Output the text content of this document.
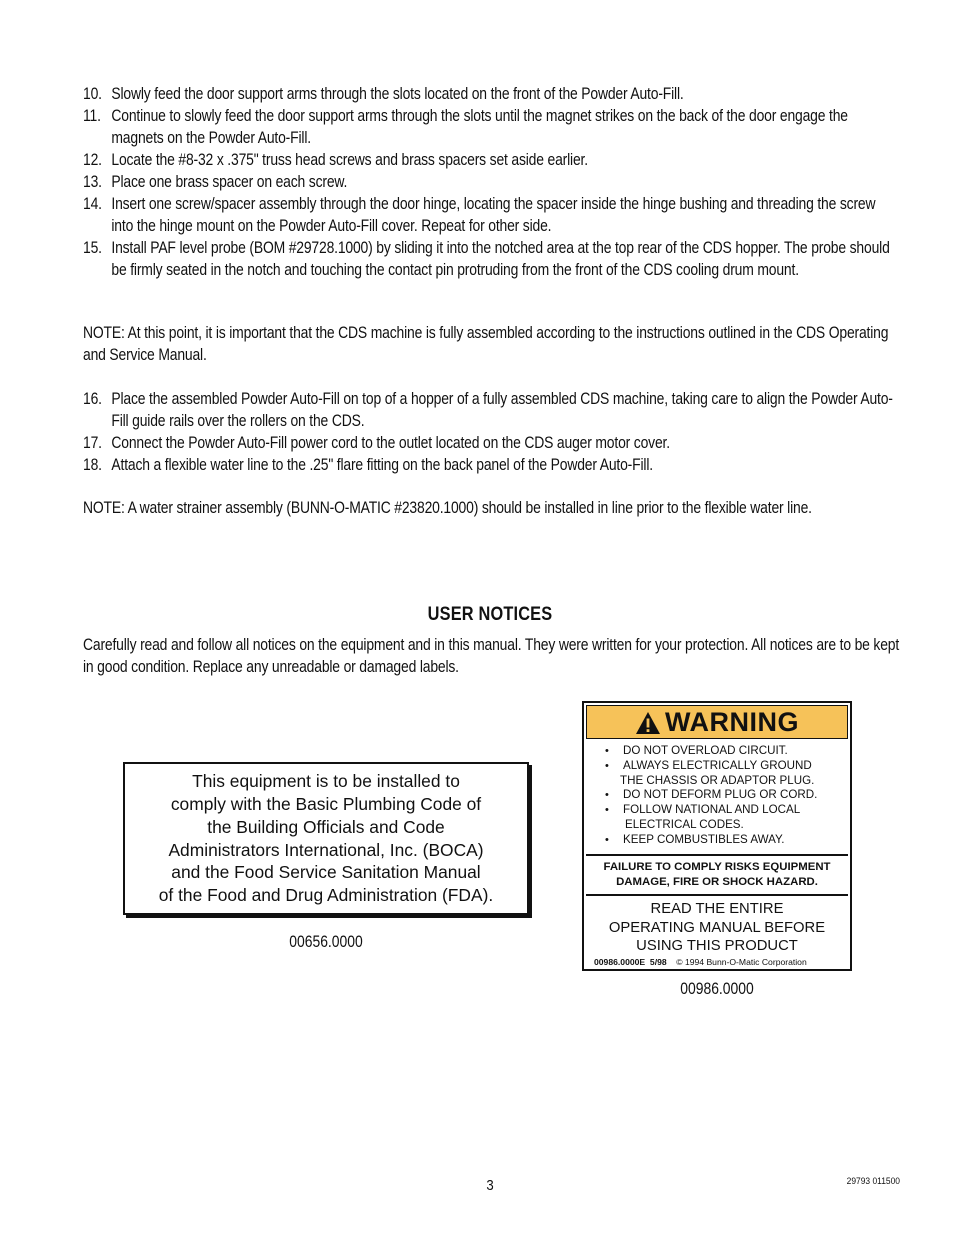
10. Slowly feed the door support arms through the slots located on the front of the Powder Auto-Fill.

11. Continue to slowly feed the door support arms through the slots until the magnet strikes on the back of the door engage the magnets on the Powder Auto-Fill.

12. Locate the #8-32 x .375" truss head screws and brass spacers set aside earlier.

13. Place one brass spacer on each screw.

14. Insert one screw/spacer assembly through the door hinge, locating the spacer inside the hinge bushing and threading the screw into the hinge mount on the Powder Auto-Fill cover. Repeat for other side.

15. Install PAF level probe (BOM #29728.1000) by sliding it into the notched area at the top rear of the CDS hopper. The probe should be firmly seated in the notch and touching the contact pin protruding from the front of the CDS cooling drum mount.

NOTE: At this point, it is important that the CDS machine is fully assembled according to the instructions outlined in the CDS Operating and Service Manual.

16. Place the assembled Powder Auto-Fill on top of a hopper of a fully assembled CDS machine, taking care to align the Powder Auto-Fill guide rails over the rollers on the CDS.

17. Connect the Powder Auto-Fill power cord to the outlet located on the CDS auger motor cover.

18. Attach a flexible water line to the .25" flare fitting on the back panel of the Powder Auto-Fill.

NOTE: A water strainer assembly (BUNN-O-MATIC #23820.1000) should be installed in line prior to the flexible water line.

USER NOTICES

Carefully read and follow all notices on the equipment and in this manual. They were written for your protection. All notices are to be kept in good condition. Replace any unreadable or damaged labels.

This equipment is to be installed to
comply with the Basic Plumbing Code of
the Building Officials and Code
Administrators International, Inc. (BOCA)
and the Food Service Sanitation Manual
of the Food and Drug Administration (FDA).
00656.0000
WARNING
• DO NOT OVERLOAD CIRCUIT.
• ALWAYS ELECTRICALLY GROUND
THE CHASSIS OR ADAPTOR PLUG.
• DO NOT DEFORM PLUG OR CORD.
• FOLLOW NATIONAL AND LOCAL
ELECTRICAL CODES.
• KEEP COMBUSTIBLES AWAY.
FAILURE TO COMPLY RISKS EQUIPMENT
DAMAGE, FIRE OR SHOCK HAZARD.
READ THE ENTIRE
OPERATING MANUAL BEFORE
USING THIS PRODUCT
00986.0000E 5/98 © 1994 Bunn-O-Matic Corporation
00986.0000
3	29793 011500
